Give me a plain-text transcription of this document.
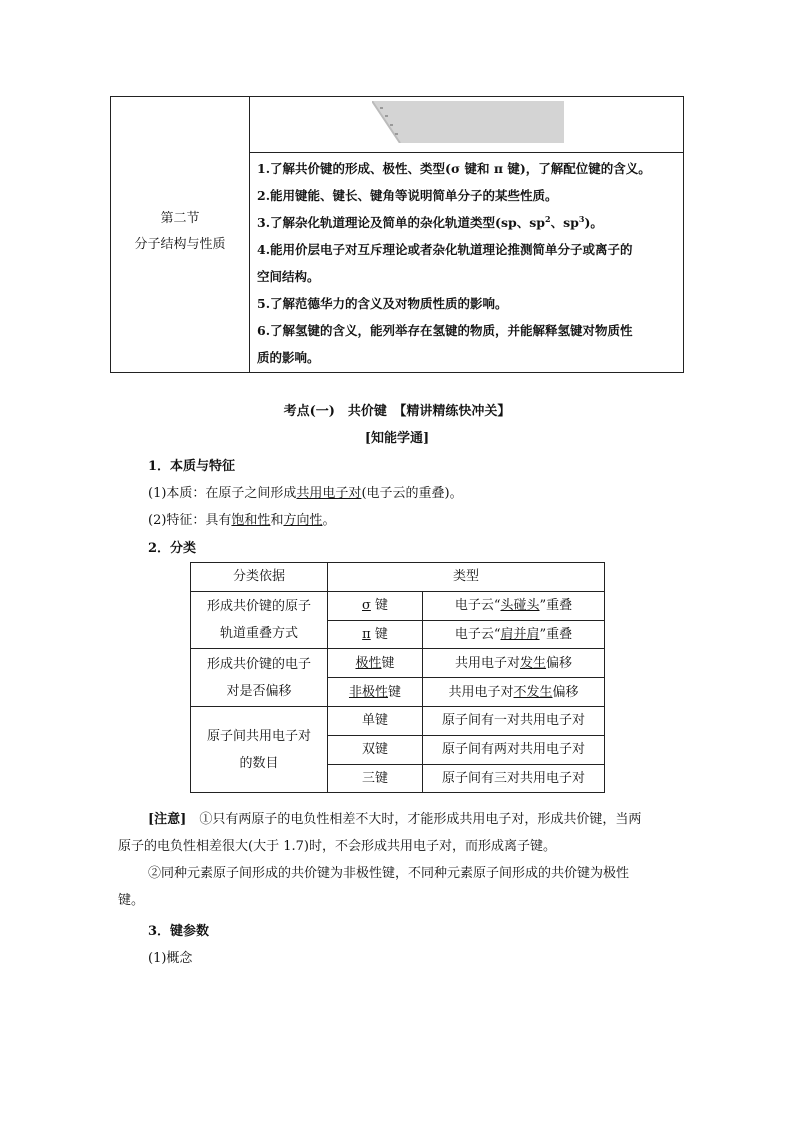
第二节
分子结构与性质
1.了解共价键的形成、极性、类型(σ 键和 π 键)，了解配位键的含义。
2.能用键能、键长、键角等说明简单分子的某些性质。
3.了解杂化轨道理论及简单的杂化轨道类型(sp、$sp^2$、$sp^3$)。
4.能用价层电子对互斥理论或者杂化轨道理论推测简单分子或离子的
空间结构。
5.了解范德华力的含义及对物质性质的影响。
6.了解氢键的含义，能列举存在氢键的物质，并能解释氢键对物质性
质的影响。
考点(一)　共价键　【精讲精练快冲关】
[知能学通]
1．本质与特征
(1)本质：在原子之间形成共用电子对(电子云的重叠)。
(2)特征：具有饱和性和方向性。
2．分类
分类依据	类型	
形成共价键的原子
轨道重叠方式	σ 键	电子云“头碰头”重叠
	π 键	电子云“肩并肩”重叠
形成共价键的电子
对是否偏移	极性键	共用电子对发生偏移
	非极性键	共用电子对不发生偏移
原子间共用电子对
的数目	单键	原子间有一对共用电子对
	双键	原子间有两对共用电子对
	三键	原子间有三对共用电子对
[注意]　 ①只有两原子的电负性相差不大时，才能形成共用电子对，形成共价键，当两
原子的电负性相差很大(大于 1.7)时，不会形成共用电子对，而形成离子键。
②同种元素原子间形成的共价键为非极性键，不同种元素原子间形成的共价键为极性
键。
3．键参数
(1)概念
